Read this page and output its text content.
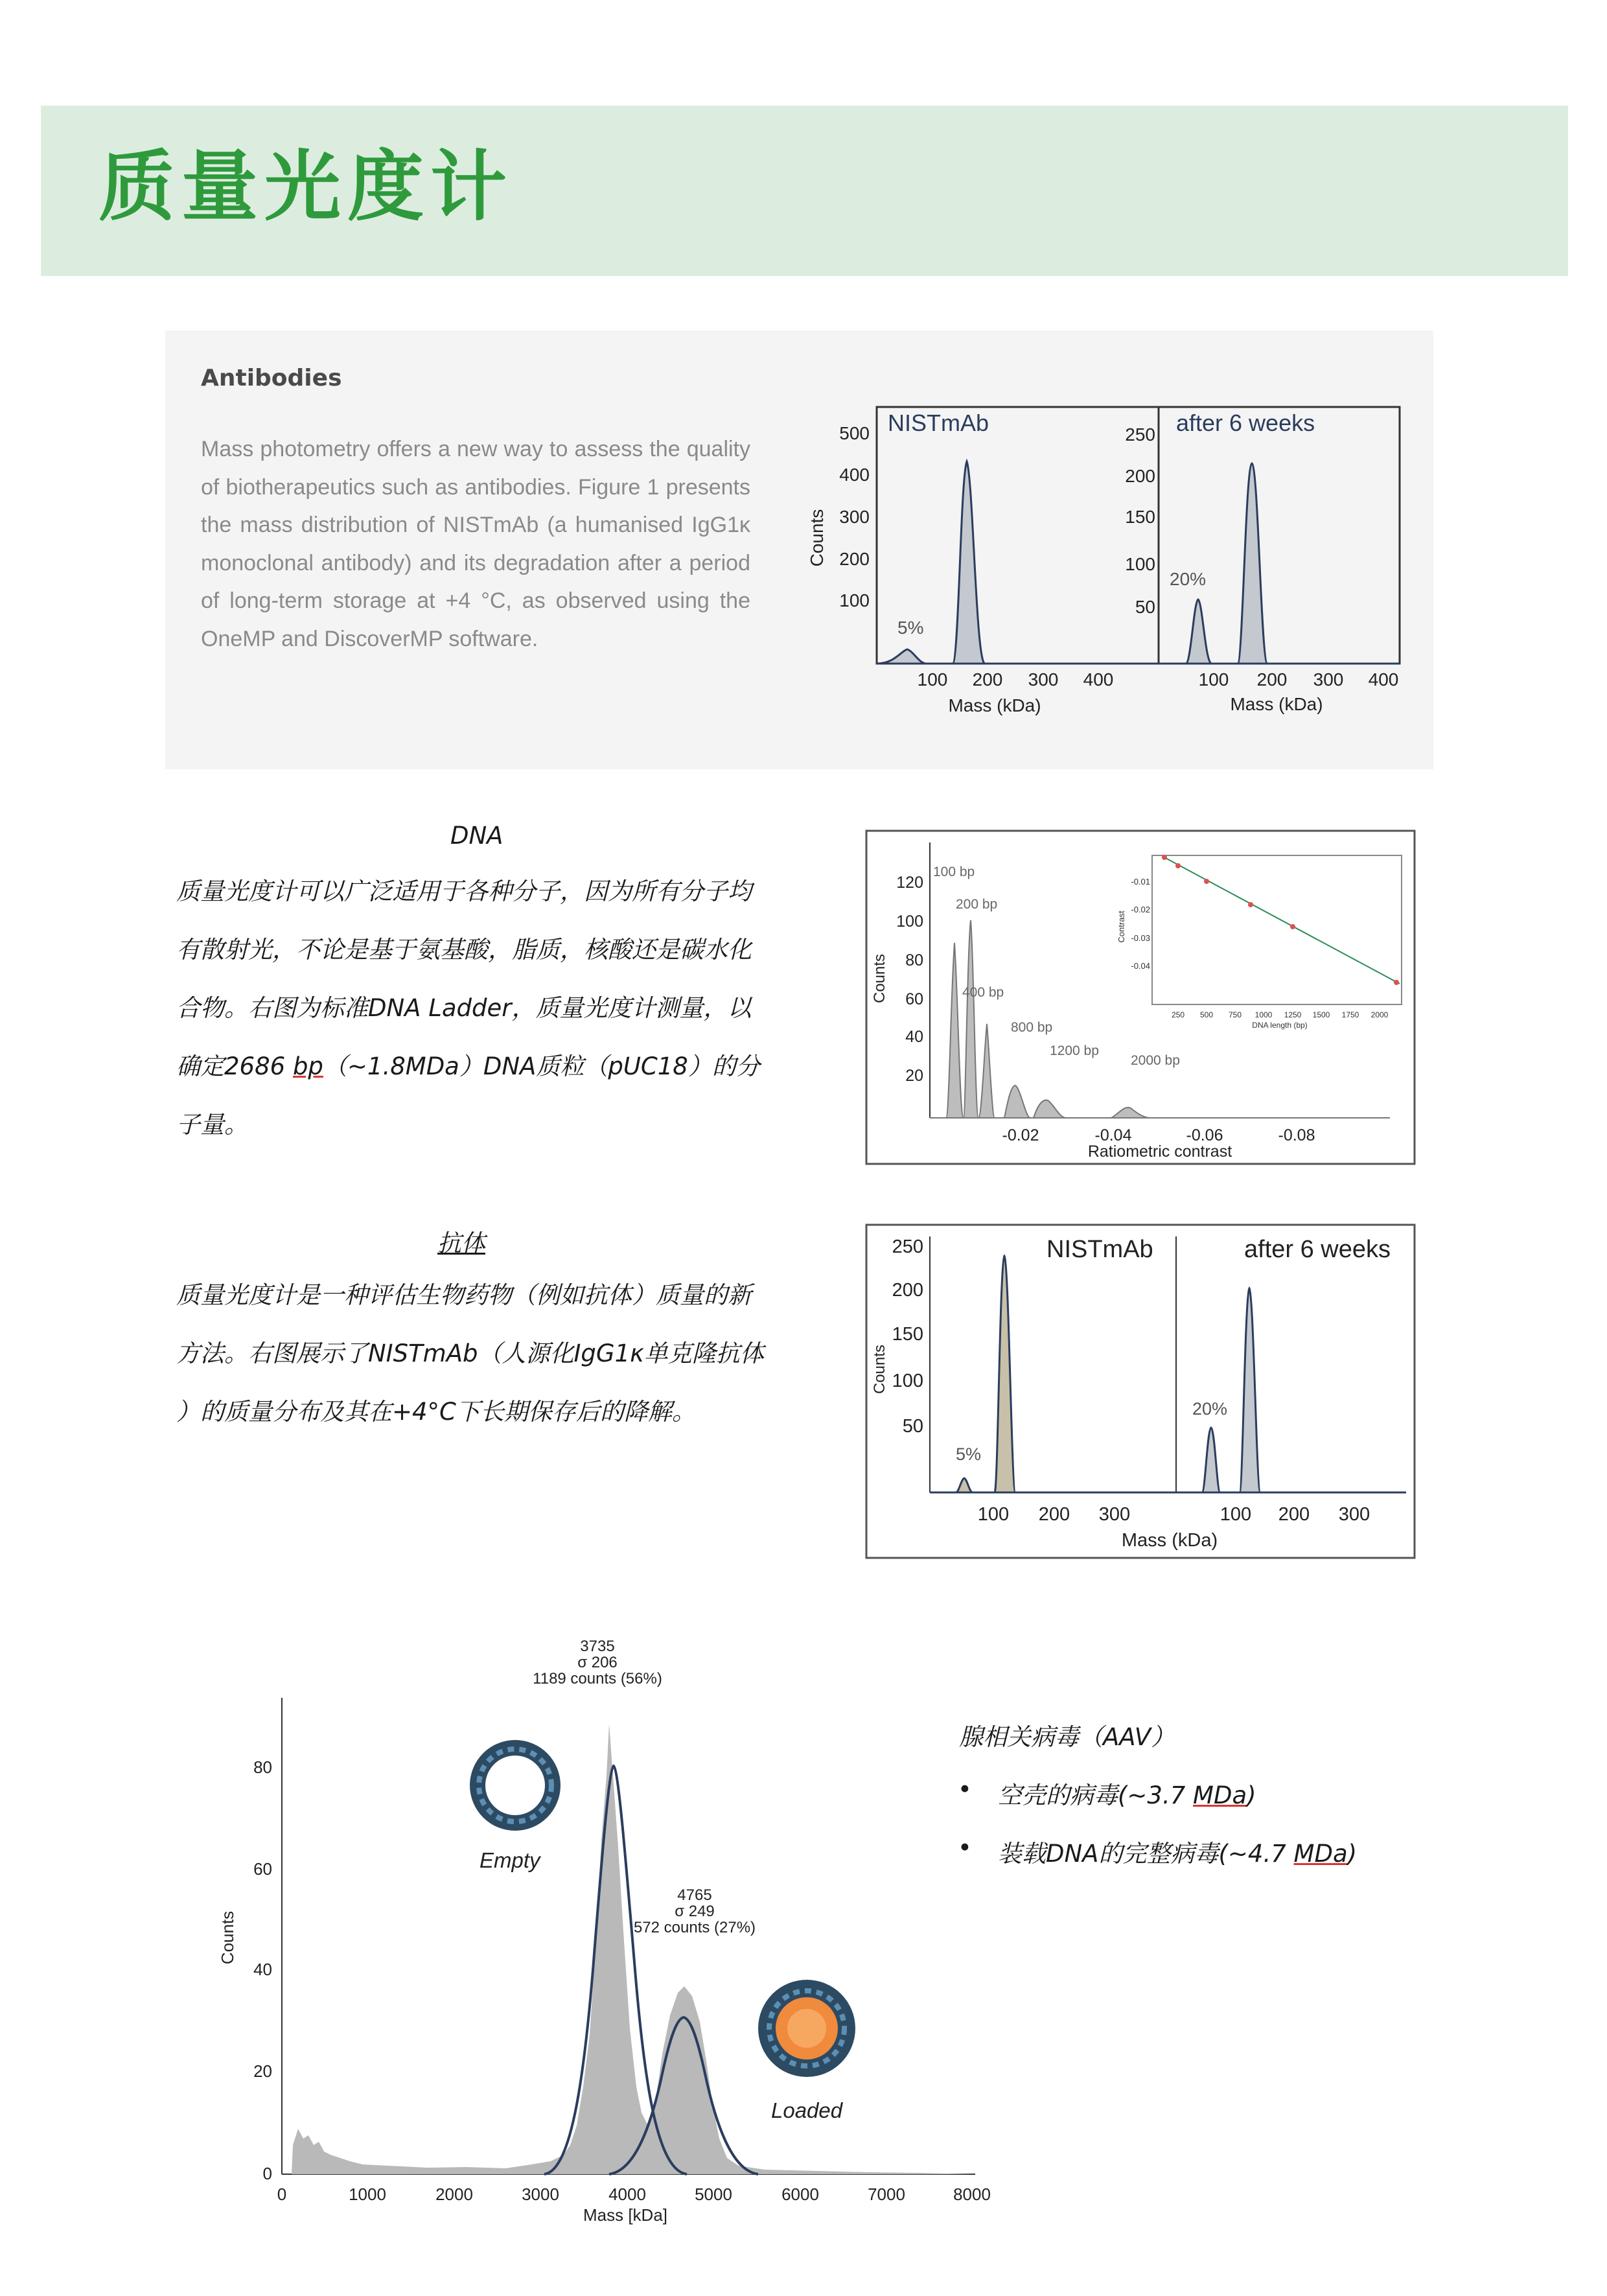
质量光度计
Antibodies
Mass photometry offers a new way to assess the quality of biotherapeutics such as antibodies. Figure 1 presents the mass distribution of NISTmAb (a humanised IgG1κ monoclonal antibody) and its degradation after a period of long-term storage at +4 °C, as observed using the OneMP and DiscoverMP software.
500
400
300
200
100
250
200
150
100
50
100 200 300 400	100 200 300 400
Mass (kDa)	Mass (kDa)
Counts
NISTmAb	after 6 weeks
5%
20%
DNA
质量光度计可以广泛适用于各种分子，因为所有分子均
有散射光，不论是基于氨基酸，脂质，核酸还是碳水化
合物。右图为标准DNA Ladder，质量光度计测量，以
确定2686 bp（~1.8MDa）DNA质粒（pUC18）的分
子量。
120
100
80
60
40
20
-0.02	-0.04	-0.06	-0.08
Ratiometric contrast
Counts
100 bp
200 bp
400 bp
800 bp
1200 bp
2000 bp
-0.01
-0.02
-0.03
-0.04
250 500 750 1000 1250 1500 1750 2000
DNA length (bp)
Contrast
抗体
质量光度计是一种评估生物药物（例如抗体）质量的新
方法。右图展示了NISTmAb（人源化IgG1κ单克隆抗体
）的质量分布及其在+4°C下长期保存后的降解。
250
200
150
100
50
100 200 300	100 200 300
Mass (kDa)
Counts
NISTmAb	after 6 weeks
5%
20%
80
60
40
20
0
0	1000	2000	3000	4000	5000	6000	7000	8000
Mass [kDa]
Counts
3735
σ 206
1189 counts (56%)
4765
σ 249
572 counts (27%)
Empty
Loaded
腺相关病毒（AAV）
• 空壳的病毒(~3.7 MDa)
• 装载DNA的完整病毒(~4.7 MDa)
